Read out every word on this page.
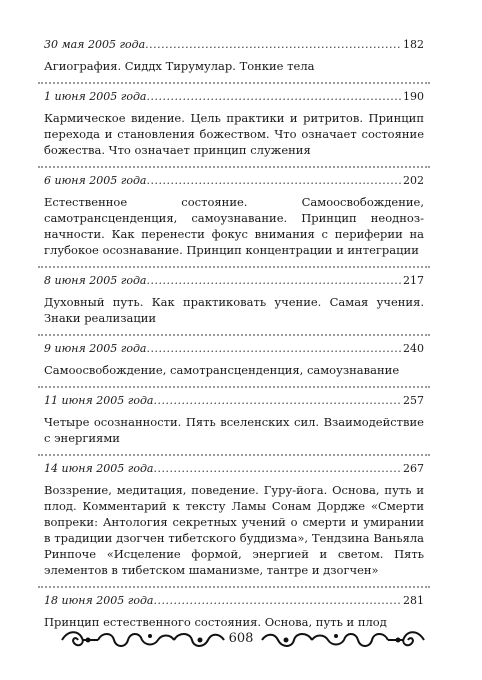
30 мая 2005 года .....	182

Агиография. Сиддх Тирумулар. Тонкие тела

1 июня 2005 года .....	190

Кармическое видение. Цель практики и ритритов. Принцип перехода и становления божеством. Что означает состояние божества. Что означает принцип служения

6 июня 2005 года .....	202

Естественное состояние. Самоосвобождение, самотрансценденция, самоузнавание. Принцип неоднозначности. Как перенести фокус внимания с периферии на глубокое осознавание. Принцип концентрации и интеграции

8 июня 2005 года .....	217

Духовный путь. Как практиковать учение. Самая учения. Знаки реализации

9 июня 2005 года .....	240

Самоосвобождение, самотрансценденция, самоузнавание

11 июня 2005 года .....	257

Четыре осознанности. Пять вселенских сил. Взаимодействие с энергиями

14 июня 2005 года .....	267

Воззрение, медитация, поведение. Гуру-йога. Основа, путь и плод. Комментарий к тексту Ламы Сонам Дордже «Смерти вопреки: Антология секретных учений о смерти и умирании в традиции дзогчен тибетского буддизма», Тендзина Ваньяла Ринпоче «Исцеление формой, энергией и светом. Пять элементов в тибетском шаманизме, тантре и дзогчен»

18 июня 2005 года .....	281

Принцип естественного состояния. Основа, путь и плод

608
